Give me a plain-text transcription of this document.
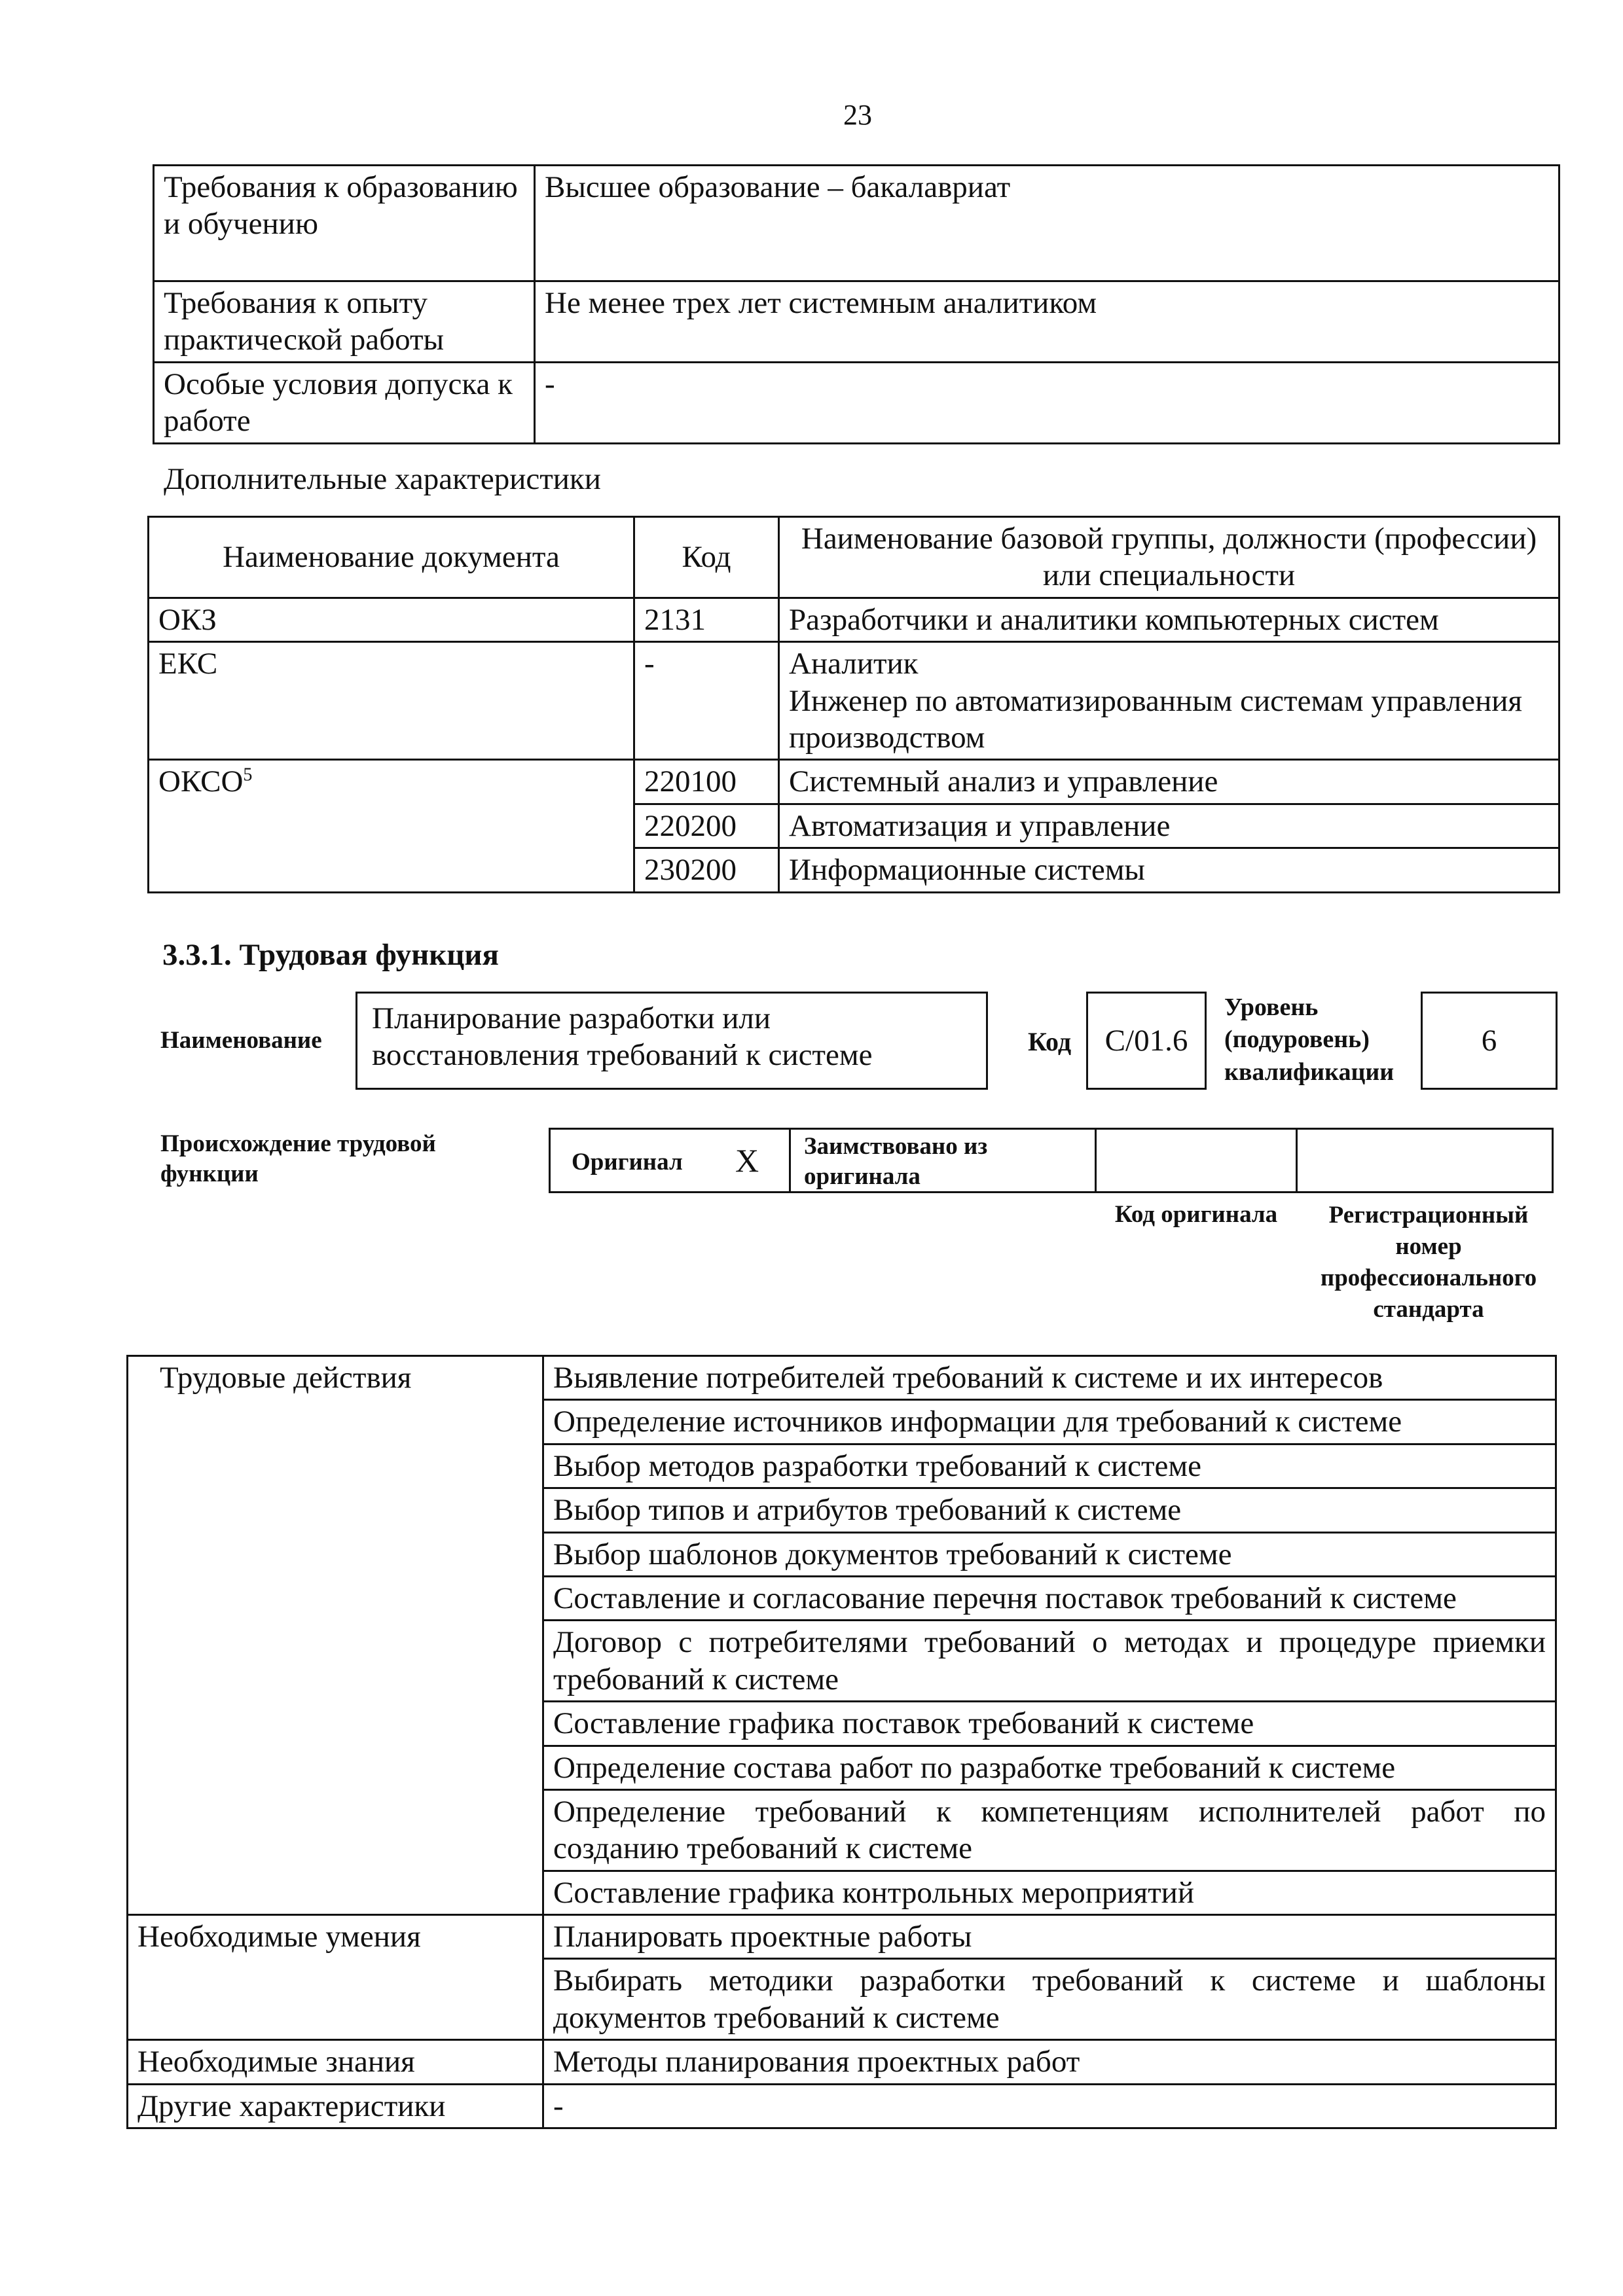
23
Требования к образованию и обучению	Высшее образование – бакалавриат
Требования к опыту практической работы	Не менее трех лет системным аналитиком
Особые условия допуска к работе	-
Дополнительные характеристики
Наименование документа	Код	Наименование базовой группы, должности (профессии) или специальности
ОКЗ	2131	Разработчики и аналитики компьютерных систем
ЕКС	-	Аналитик
Инженер по автоматизированным системам управления производством
ОКСО$^5$	220100	Системный анализ и управление
	220200	Автоматизация и управление
	230200	Информационные системы
3.3.1. Трудовая функция
Наименование
Планирование разработки или восстановления требований к системе	Код C/01.6
Уровень (подуровень) квалификации
6
Происхождение трудовой функции	Оригинал X Заимствовано из оригинала
Код оригинала	Регистрационный номер профессионального стандарта
Трудовые действия	Выявление потребителей требований к системе и их интересов
	Определение источников информации для требований к системе
	Выбор методов разработки требований к системе
	Выбор типов и атрибутов требований к системе
	Выбор шаблонов документов требований к системе
	Составление и согласование перечня поставок требований к системе
	Договор с потребителями требований о методах и процедуре приемки требований к системе
	Составление графика поставок требований к системе
	Определение состава работ по разработке требований к системе
	Определение требований к компетенциям исполнителей работ по созданию требований к системе
	Составление графика контрольных мероприятий
Необходимые умения	Планировать проектные работы
	Выбирать методики разработки требований к системе и шаблоны документов требований к системе
Необходимые знания	Методы планирования проектных работ
Другие характеристики	-
